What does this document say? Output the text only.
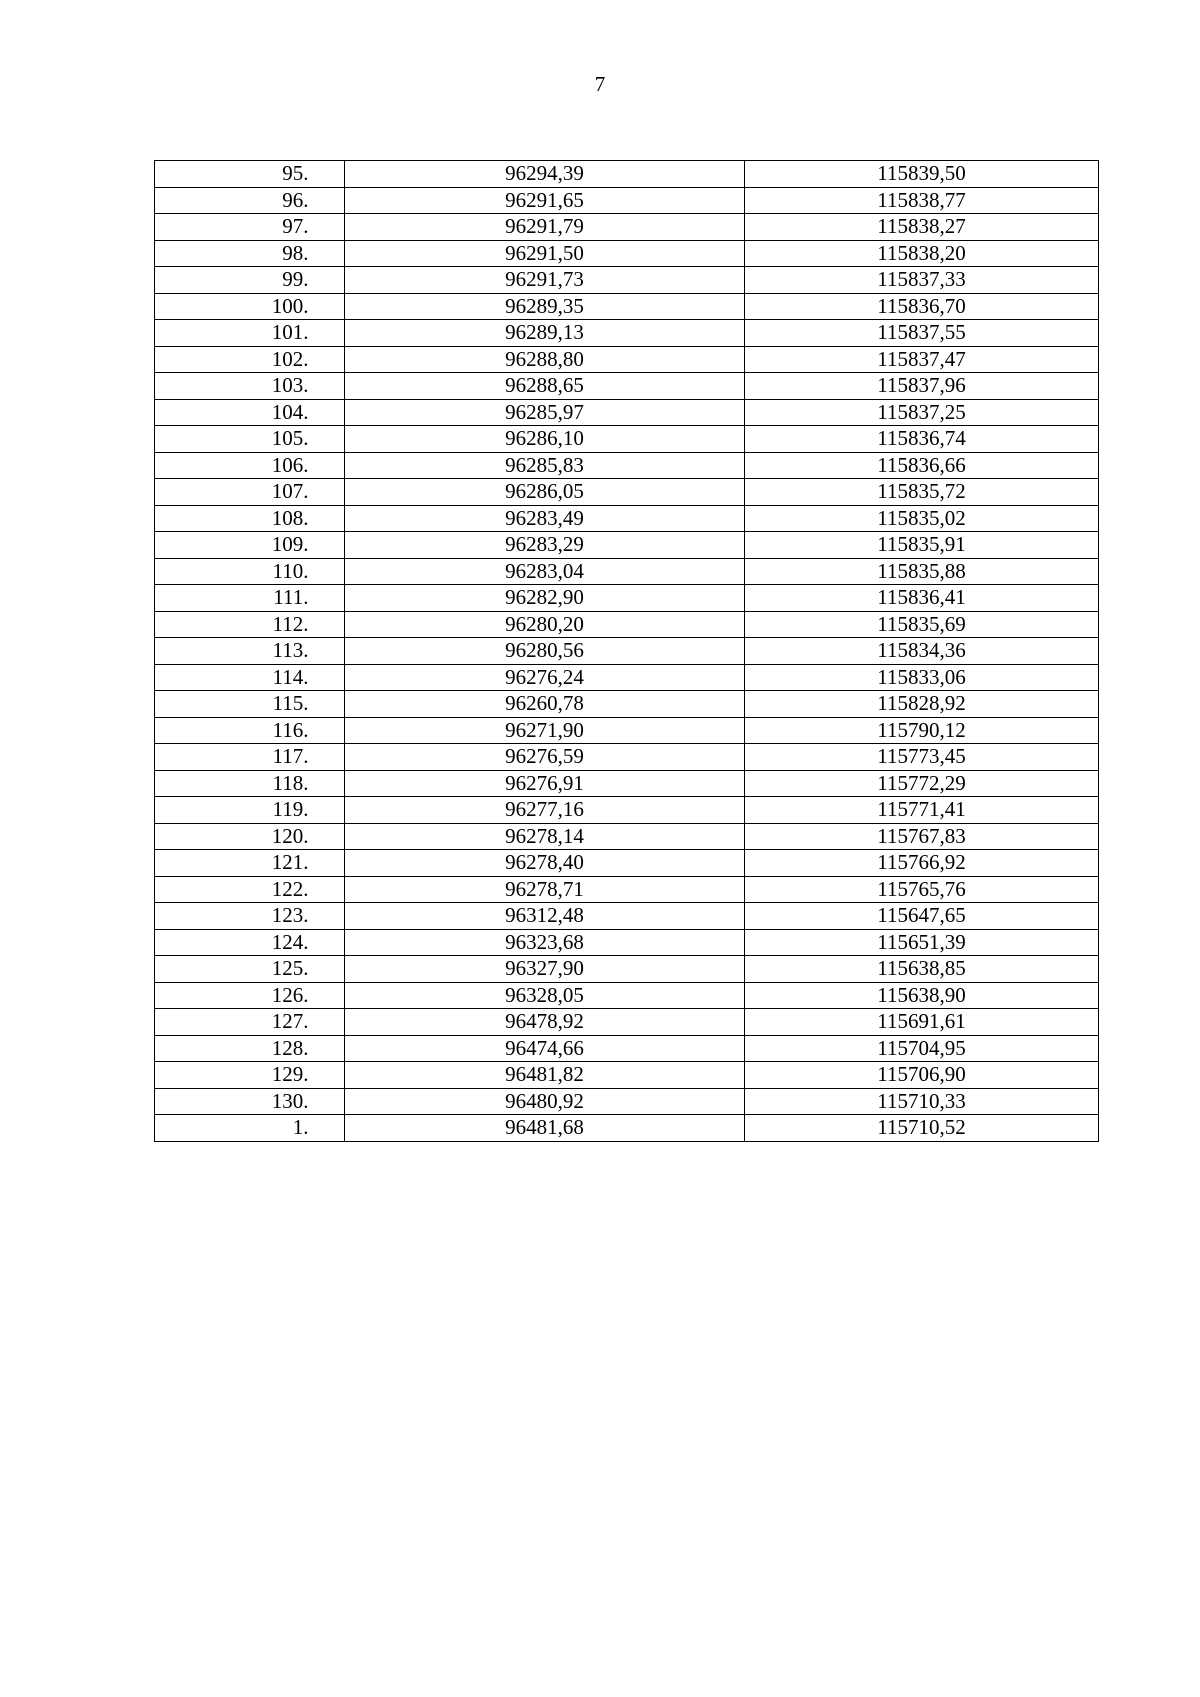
7
95.	96294,39	115839,50
96.	96291,65	115838,77
97.	96291,79	115838,27
98.	96291,50	115838,20
99.	96291,73	115837,33
100.	96289,35	115836,70
101.	96289,13	115837,55
102.	96288,80	115837,47
103.	96288,65	115837,96
104.	96285,97	115837,25
105.	96286,10	115836,74
106.	96285,83	115836,66
107.	96286,05	115835,72
108.	96283,49	115835,02
109.	96283,29	115835,91
110.	96283,04	115835,88
111.	96282,90	115836,41
112.	96280,20	115835,69
113.	96280,56	115834,36
114.	96276,24	115833,06
115.	96260,78	115828,92
116.	96271,90	115790,12
117.	96276,59	115773,45
118.	96276,91	115772,29
119.	96277,16	115771,41
120.	96278,14	115767,83
121.	96278,40	115766,92
122.	96278,71	115765,76
123.	96312,48	115647,65
124.	96323,68	115651,39
125.	96327,90	115638,85
126.	96328,05	115638,90
127.	96478,92	115691,61
128.	96474,66	115704,95
129.	96481,82	115706,90
130.	96480,92	115710,33
1.	96481,68	115710,52
